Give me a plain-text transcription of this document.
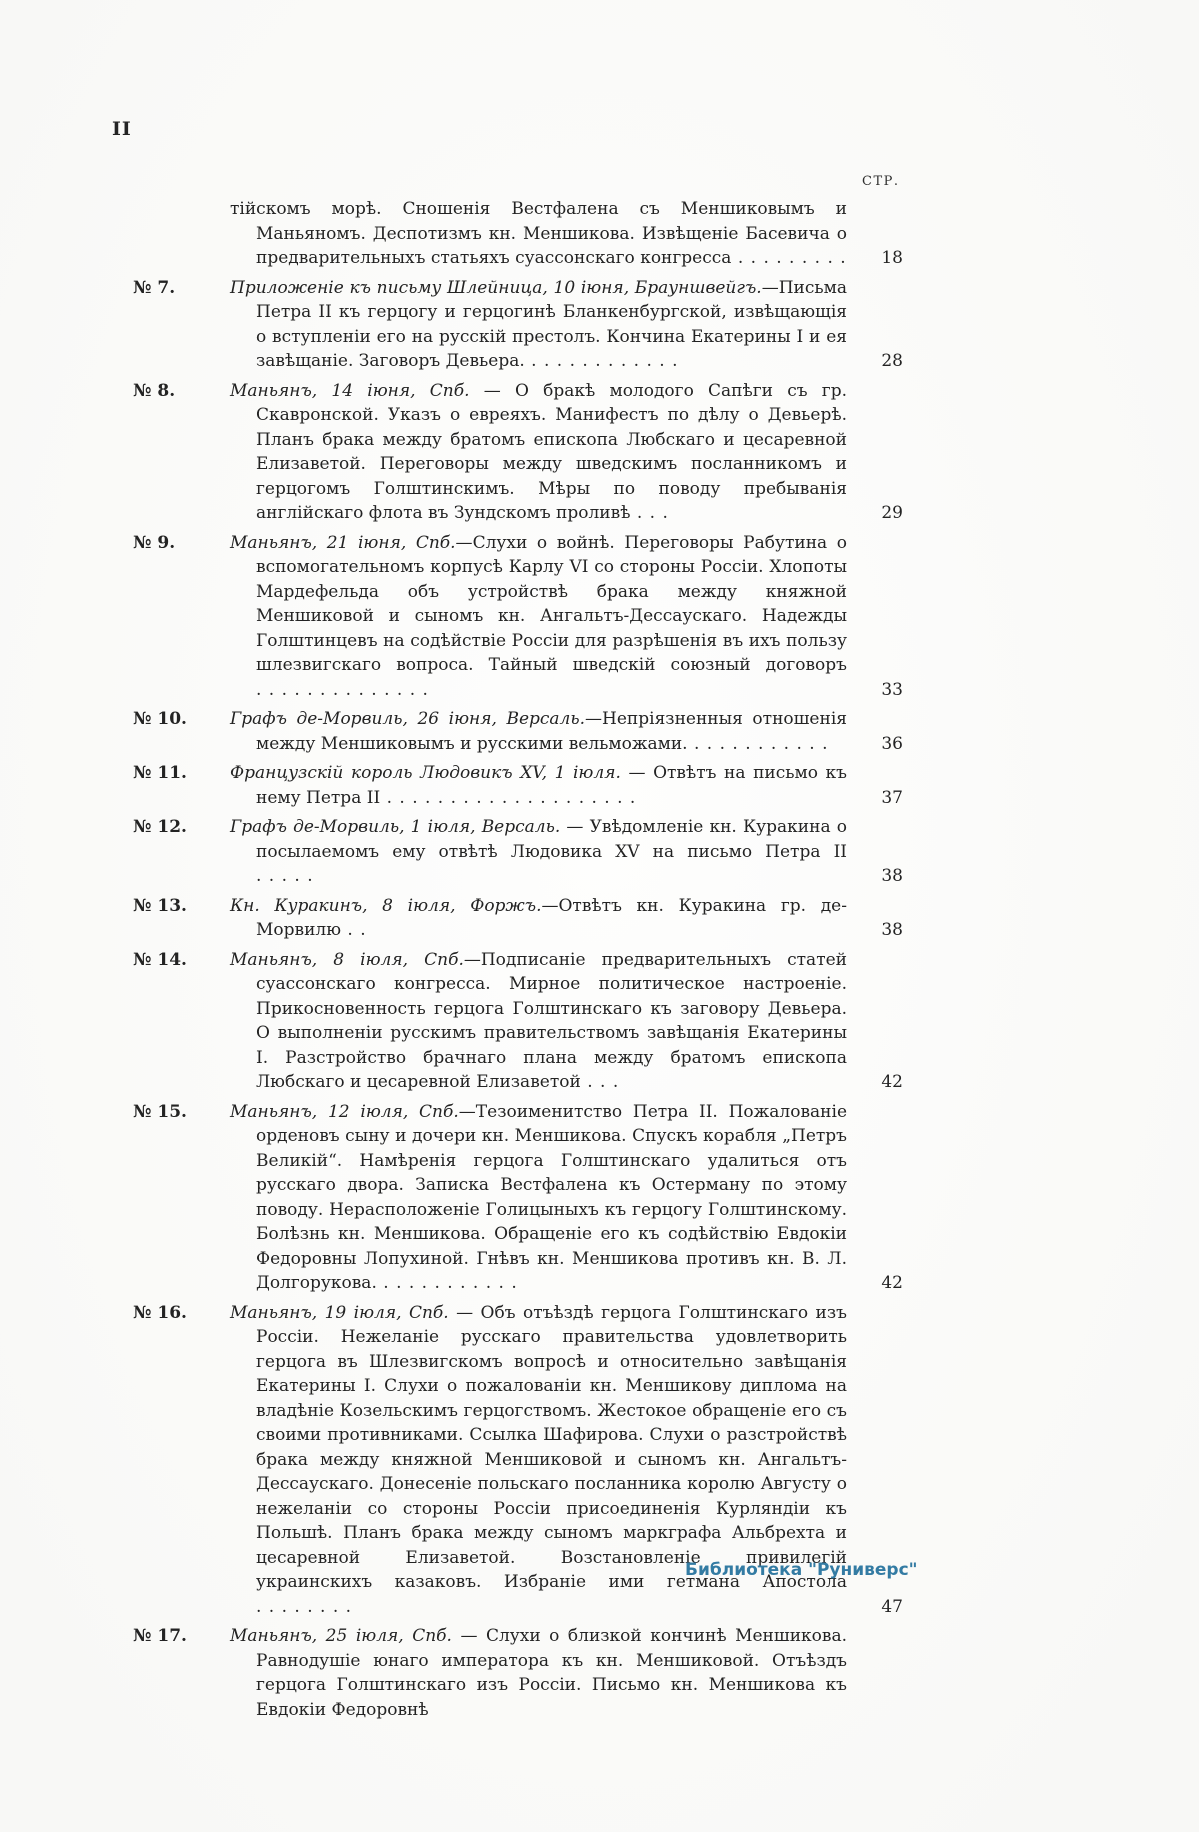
II
СТР.
тійскомъ морѣ. Сношенія Вестфалена съ Меншиковымъ и Маньяномъ. Деспотизмъ кн. Меншикова. Извѣщеніе Басевича о предварительныхъ статьяхъ суассонскаго конгресса . . . . . . . . .	18
№ 7.	Приложеніе къ письму Шлейница, 10 іюня, Брауншвейгъ.—Письма Петра II къ герцогу и герцогинѣ Бланкенбургской, извѣщающія о вступленіи его на русскій престолъ. Кончина Екатерины I и ея завѣщаніе. Заговоръ Девьера. . . . . . . . . . . . .	28
№ 8.	Маньянъ, 14 іюня, Спб. — О бракѣ молодого Сапѣги съ гр. Скавронской. Указъ о евреяхъ. Манифестъ по дѣлу о Девьерѣ. Планъ брака между братомъ епископа Любскаго и цесаревной Елизаветой. Переговоры между шведскимъ посланникомъ и герцогомъ Голштинскимъ. Мѣры по поводу пребыванія англійскаго флота въ Зундскомъ проливѣ . . .	29
№ 9.	Маньянъ, 21 іюня, Спб.—Слухи о войнѣ. Переговоры Рабутина о вспомогательномъ корпусѣ Карлу VI со стороны Россіи. Хлопоты Мардефельда объ устройствѣ брака между княжной Меншиковой и сыномъ кн. Ангальтъ-Дессаускаго. Надежды Голштинцевъ на содѣйствіе Россіи для разрѣшенія въ ихъ пользу шлезвигскаго вопроса. Тайный шведскій союзный договоръ . . . . . . . . . . . . . .	33
№ 10.	Графъ де-Морвиль, 26 іюня, Версаль.—Непріязненныя отношенія между Меншиковымъ и русскими вельможами. . . . . . . . . . . .	36
№ 11.	Французскій король Людовикъ XV, 1 іюля. — Отвѣтъ на письмо къ нему Петра II . . . . . . . . . . . . . . . . . . . .	37
№ 12.	Графъ де-Морвиль, 1 іюля, Версаль. — Увѣдомленіе кн. Куракина о посылаемомъ ему отвѣтѣ Людовика XV на письмо Петра II . . . . .	38
№ 13.	Кн. Куракинъ, 8 іюля, Форжъ.—Отвѣтъ кн. Куракина гр. де-Морвилю . .	38
№ 14.	Маньянъ, 8 іюля, Спб.—Подписаніе предварительныхъ статей суассонскаго конгресса. Мирное политическое настроеніе. Прикосновенность герцога Голштинскаго къ заговору Девьера. О выполненіи русскимъ правительствомъ завѣщанія Екатерины I. Разстройство брачнаго плана между братомъ епископа Любскаго и цесаревной Елизаветой . . .	42
№ 15.	Маньянъ, 12 іюля, Спб.—Тезоименитство Петра II. Пожалованіе орденовъ сыну и дочери кн. Меншикова. Спускъ корабля „Петръ Великій“. Намѣренія герцога Голштинскаго удалиться отъ русскаго двора. Записка Вестфалена къ Остерману по этому поводу. Нерасположеніе Голицыныхъ къ герцогу Голштинскому. Болѣзнь кн. Меншикова. Обращеніе его къ содѣйствію Евдокіи Федоровны Лопухиной. Гнѣвъ кн. Меншикова противъ кн. В. Л. Долгорукова. . . . . . . . . . . .	42
№ 16.	Маньянъ, 19 іюля, Спб. — Объ отъѣздѣ герцога Голштинскаго изъ Россіи. Нежеланіе русскаго правительства удовлетворить герцога въ Шлезвигскомъ вопросѣ и относительно завѣщанія Екатерины I. Слухи о пожалованіи кн. Меншикову диплома на владѣніе Козельскимъ герцогствомъ. Жестокое обращеніе его съ своими противниками. Ссылка Шафирова. Слухи о разстройствѣ брака между княжной Меншиковой и сыномъ кн. Ангальтъ-Дессаускаго. Донесеніе польскаго посланника королю Августу о нежеланіи со стороны Россіи присоединенія Курляндіи къ Польшѣ. Планъ брака между сыномъ маркграфа Альбрехта и цесаревной Елизаветой. Возстановленіе привилегій украинскихъ казаковъ. Избраніе ими гетмана Апостола . . . . . . . .	47
№ 17.	Маньянъ, 25 іюля, Спб. — Слухи о близкой кончинѣ Меншикова. Равнодушіе юнаго императора къ кн. Меншиковой. Отъѣздъ герцога Голштинскаго изъ Россіи. Письмо кн. Меншикова къ Евдокіи Федоровнѣ
Библиотека "Руниверс"
